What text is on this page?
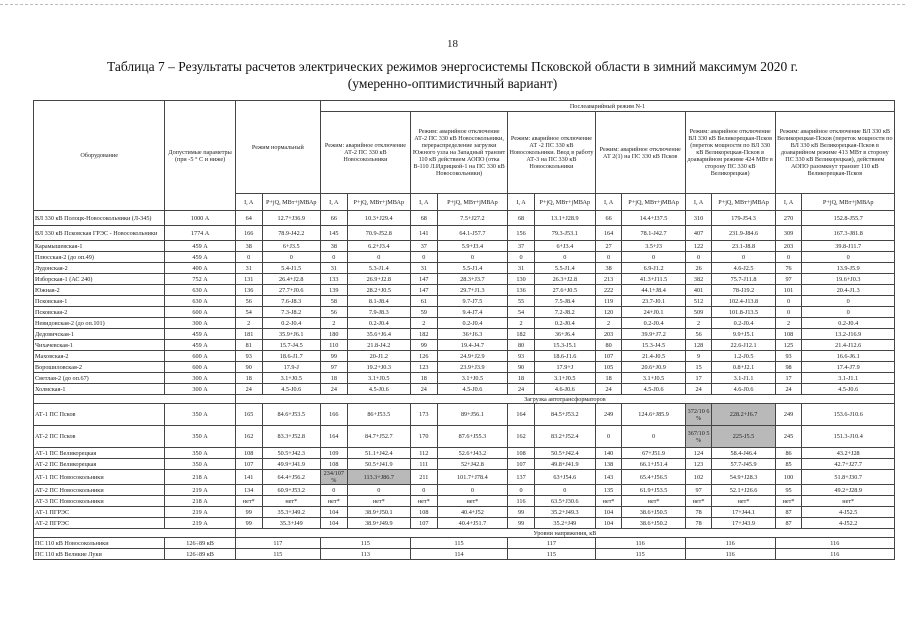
18
Таблица 7 – Результаты расчетов электрических режимов энергосистемы Псковской области в зимний максимум 2020 г.
(умеренно-оптимистичный вариант)
Оборудование	Допустимые параметры (при -5 ° С и ниже)	Режим нормальный		Послеаварийный режим N-1											
				Режим: аварийное отключение АТ-2 ПС 330 кВ Новосокольники		Режим: аварийное отключение АТ-2 ПС 330 кВ Новосокольники, перераспределение загрузки Южного узла на Западный транзит 110 кВ действием АОПО (отка В-110 Л.Идрицкой-1 на ПС 330 кВ Новосокольники)		Режим: аварийное отключение АТ -2 ПС 330 кВ Новосокольники. Ввод в работу АТ-3 на ПС 330 кВ Новосокольники		Режим: аварийное отключение АТ 2(1) на ПС 330 кВ Псков		Режим: аварийное отключение ВЛ 330 кВ Великорецкая-Псков (переток мощности по ВЛ 330 кВ Великорецкая-Псков в доаварийном режиме 424 МВт в сторону ПС 330 кВ Великорецкая)		Режим: аварийное отключение ВЛ 330 кВ Великорецкая-Псков (переток мощности по ВЛ 330 кВ Великорецкая-Псков в доаварийном режиме 413 МВт в сторону ПС 330 кВ Великорецкая), действием АОПО разомкнут транзит 110 кВ Великорецкая-Псков	
		I, A	P+jQ, МВт+jМВАр	I, A	P+jQ, МВт+jМВАр	I, A	P+jQ, МВт+jМВАр	I, A	P+jQ, МВт+jМВАр	I, A	P+jQ, МВт+jМВАр	I, A	P+jQ, МВт+jМВАр	I, A	P+jQ, МВт+jМВАр
ВЛ 330 кВ Полоцк-Новосокольники (Л-345)	1000 А	64	12.7+J36.9	66	10.3+J29.4	68	7.5+J27.2	68	13.1+J28.9	66	14.4+J37.5	310	179-J54.3	270	152.8-J55.7
ВЛ 330 кВ Псковская ГРЭС - Новосокольники	1774 А	166	78.9-J42.2	145	70.9-J52.8	141	64.1-J57.7	156	79.3-J53.1	164	78.1-J42.7	407	231.9-J84.6	309	167.3-J81.8
Карамышевская-1	459 А	38	6+J3.5	38	6.2+J3.4	37	5.9+J3.4	37	6+J3.4	27	3.5+J3	122	23.1-J8.8	203	39.8-J11.7
Плюсская-2 (до оп.49)	459 А	0	0	0	0	0	0	0	0	0	0	0	0	0	0
Лудонская-2	400 А	31	5.4-J1.5	31	5.3-J1.4	31	5.5-J1.4	31	5.5-J1.4	38	6.9-J1.2	26	4.6-J2.5	76	13.9-J5.9
Изборская-1 (АС 240)	752 А	131	26.4+J2.8	133	26.9+J2.8	147	28.3+J3.7	130	26.3+J2.8	213	41.3+J11.5	382	75.7-J11.8	97	19.6+J0.3
Южная-2	630 А	136	27.7+J0.6	139	28.2+J0.5	147	29.7+J1.3	136	27.6+J0.5	222	44.1+J8.4	401	78-J19.2	101	20.4-J1.3
Псковская-1	630 А	56	7.6-J8.3	58	8.1-J8.4	61	9.7-J7.5	55	7.5-J8.4	119	23.7-J0.1	512	102.4-J13.8	0	0
Псковская-2	600 А	54	7.3-J8.2	56	7.9-J8.3	59	9.4-J7.4	54	7.2-J8.2	120	24+J0.1	509	101.8-J13.5	0	0
Невидовская-2 (до оп.101)	300 А	2	0.2-J0.4	2	0.2-J0.4	2	0.2-J0.4	2	0.2-J0.4	2	0.2-J0.4	2	0.2-J0.4	2	0.2-J0.4
Дедовичская-1	459 А	181	35.9+J6.1	180	35.6+J6.4	182	36+J6.3	182	36+J6.4	203	39.9+J7.2	56	9.9+J5.1	108	13.2-J16.9
Чихачевская-1	459 А	81	15.7-J4.5	110	21.8-J4.2	99	19.4-J4.7	80	15.3-J5.1	80	15.3-J4.5	128	22.6-J12.1	125	21.4-J12.6
Маховская-2	600 А	93	18.6-J1.7	99	20-J1.2	126	24.9+J2.9	93	18.6-J1.6	107	21.4-J0.5	9	1.2-J0.5	93	16.6-J6.1
Ворошиловская-2	600 А	90	17.9-J	97	19.2+J0.3	123	23.9+J3.9	90	17.9+J	105	20.6+J0.9	15	0.8+J2.1	98	17.4-J7.9
Светлая-2 (до оп.67)	300 А	18	3.1+J0.5	18	3.1+J0.5	18	3.1+J0.5	18	3.1+J0.5	18	3.1+J0.5	17	3.1-J1.1	17	3.1-J1.1
Холмская-1	300 А	24	4.5-J0.6	24	4.5-J0.6	24	4.5-J0.6	24	4.6-J0.6	24	4.5-J0.6	24	4.6-J0.6	24	4.5-J0.6
		Загрузка автотрансформаторов													
АТ-1 ПС Псков	350 А	165	84.6+J53.5	166	86+J53.5	173	89+J56.1	164	84.5+J53.2	249	124.6+J85.9	372/10 6 %	228.2+J6.7	249	153.6-J10.6
АТ-2 ПС Псков	350 А	162	83.3+J52.8	164	84.7+J52.7	170	87.6+J55.3	162	83.2+J52.4	0	0	367/10 5 %	225-J5.5	245	151.3-J10.4
АТ-1 ПС Великорецкая	350 А	108	50.5+J42.3	109	51.1+J42.4	112	52.6+J43.2	108	50.5+J42.4	140	67+J51.9	124	58.4-J46.4	86	43.2+J28
АТ-2 ПС Великорецкая	350 А	107	49.9+J41.9	108	50.5+J41.9	111	52+J42.8	107	49.8+J41.9	138	66.1+J51.4	123	57.7-J45.9	85	42.7+J27.7
АТ-1 ПС Новосокольники	218 А	141	64.4+J56.2	234/107 %	113.3+J86.7	211	101.7+J78.4	137	63+J54.6	143	65.4+J56.5	102	54.9+J28.3	100	51.8+J30.7
АТ-2 ПС Новосокольники	219 А	134	60.9+J53.2	0	0	0	0	0	0	135	61.9+J53.5	97	52.1+J26.6	95	49.2+J28.9
АТ-3 ПС Новосокольники	218 А	нет*	нет*	нет*	нет*	нет*	нет*	116	63.5+J30.6	нет*	нет*	нет*	нет*	нет*	нет*
АТ-1 ПГРЭС	219 А	99	35.3+J49.2	104	38.9+J50.1	108	40.4+J52	99	35.2+J49.3	104	38.6+J50.5	78	17+J44.1	87	4-J52.5
АТ-2 ПГРЭС	219 А	99	35.3+J49	104	38.9+J49.9	107	40.4+J51.7	99	35.2+J49	104	38.6+J50.2	78	17+J43.9	87	4-J52.2
		Уровни напряжения, кВ													
ПС 110 кВ Новосокольники	126÷89 кВ	117		115		115		117		116		116		116	
ПС 110 кВ Великие Луки	126÷89 кВ	115		113		114		115		115		116		116	
